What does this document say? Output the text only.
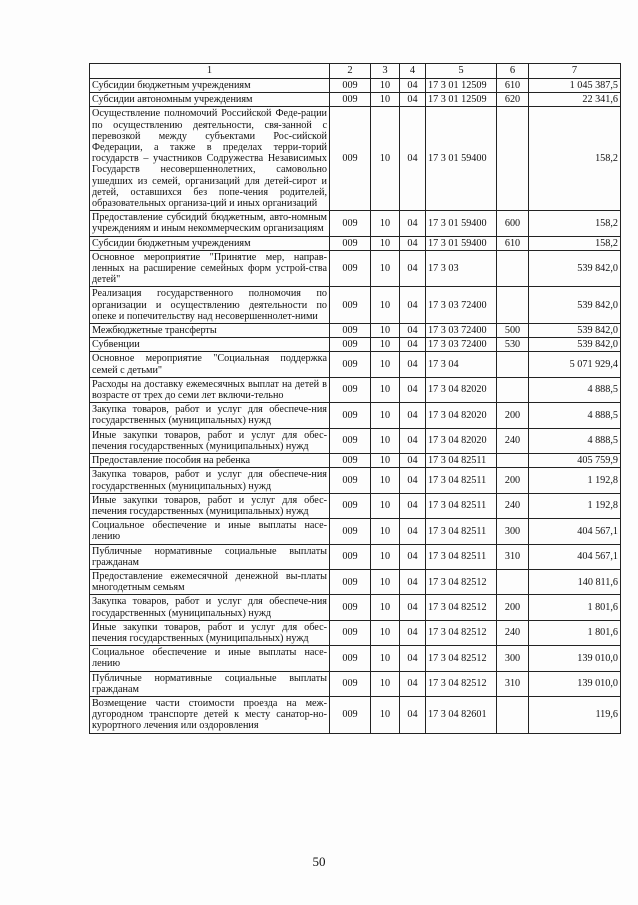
1	2	3	4	5	6	7
Субсидии бюджетным учреждениям	009	10	04	17 3 01 12509	610	1 045 387,5
Субсидии автономным учреждениям	009	10	04	17 3 01 12509	620	22 341,6
Осуществление полномочий Российской Феде-рации по осуществлению деятельности, свя-занной с перевозкой между субъектами Рос-сийской Федерации, а также в пределах терри-торий государств – участников Содружества Независимых Государств несовершеннолетних, самовольно ушедших из семей, организаций для детей-сирот и детей, оставшихся без попе-чения родителей, образовательных организа-ций и иных организаций	009	10	04	17 3 01 59400		158,2
Предоставление субсидий бюджетным, авто-номным учреждениям и иным некоммерческим организациям	009	10	04	17 3 01 59400	600	158,2
Субсидии бюджетным учреждениям	009	10	04	17 3 01 59400	610	158,2
Основное мероприятие "Принятие мер, направ-ленных на расширение семейных форм устрой-ства детей"	009	10	04	17 3 03		539 842,0
Реализация государственного полномочия по организации и осуществлению деятельности по опеке и попечительству над несовершеннолет-ними	009	10	04	17 3 03 72400		539 842,0
Межбюджетные трансферты	009	10	04	17 3 03 72400	500	539 842,0
Субвенции	009	10	04	17 3 03 72400	530	539 842,0
Основное мероприятие "Социальная поддержка семей с детьми"	009	10	04	17 3 04		5 071 929,4
Расходы на доставку ежемесячных выплат на детей в возрасте от трех до семи лет включи-тельно	009	10	04	17 3 04 82020		4 888,5
Закупка товаров, работ и услуг для обеспече-ния государственных (муниципальных) нужд	009	10	04	17 3 04 82020	200	4 888,5
Иные закупки товаров, работ и услуг для обес-печения государственных (муниципальных) нужд	009	10	04	17 3 04 82020	240	4 888,5
Предоставление пособия на ребенка	009	10	04	17 3 04 82511		405 759,9
Закупка товаров, работ и услуг для обеспече-ния государственных (муниципальных) нужд	009	10	04	17 3 04 82511	200	1 192,8
Иные закупки товаров, работ и услуг для обес-печения государственных (муниципальных) нужд	009	10	04	17 3 04 82511	240	1 192,8
Социальное обеспечение и иные выплаты насе-лению	009	10	04	17 3 04 82511	300	404 567,1
Публичные нормативные социальные выплаты гражданам	009	10	04	17 3 04 82511	310	404 567,1
Предоставление ежемесячной денежной вы-платы многодетным семьям	009	10	04	17 3 04 82512		140 811,6
Закупка товаров, работ и услуг для обеспече-ния государственных (муниципальных) нужд	009	10	04	17 3 04 82512	200	1 801,6
Иные закупки товаров, работ и услуг для обес-печения государственных (муниципальных) нужд	009	10	04	17 3 04 82512	240	1 801,6
Социальное обеспечение и иные выплаты насе-лению	009	10	04	17 3 04 82512	300	139 010,0
Публичные нормативные социальные выплаты гражданам	009	10	04	17 3 04 82512	310	139 010,0
Возмещение части стоимости проезда на меж-дугородном транспорте детей к месту санатор-но-курортного лечения или оздоровления	009	10	04	17 3 04 82601		119,6
50
